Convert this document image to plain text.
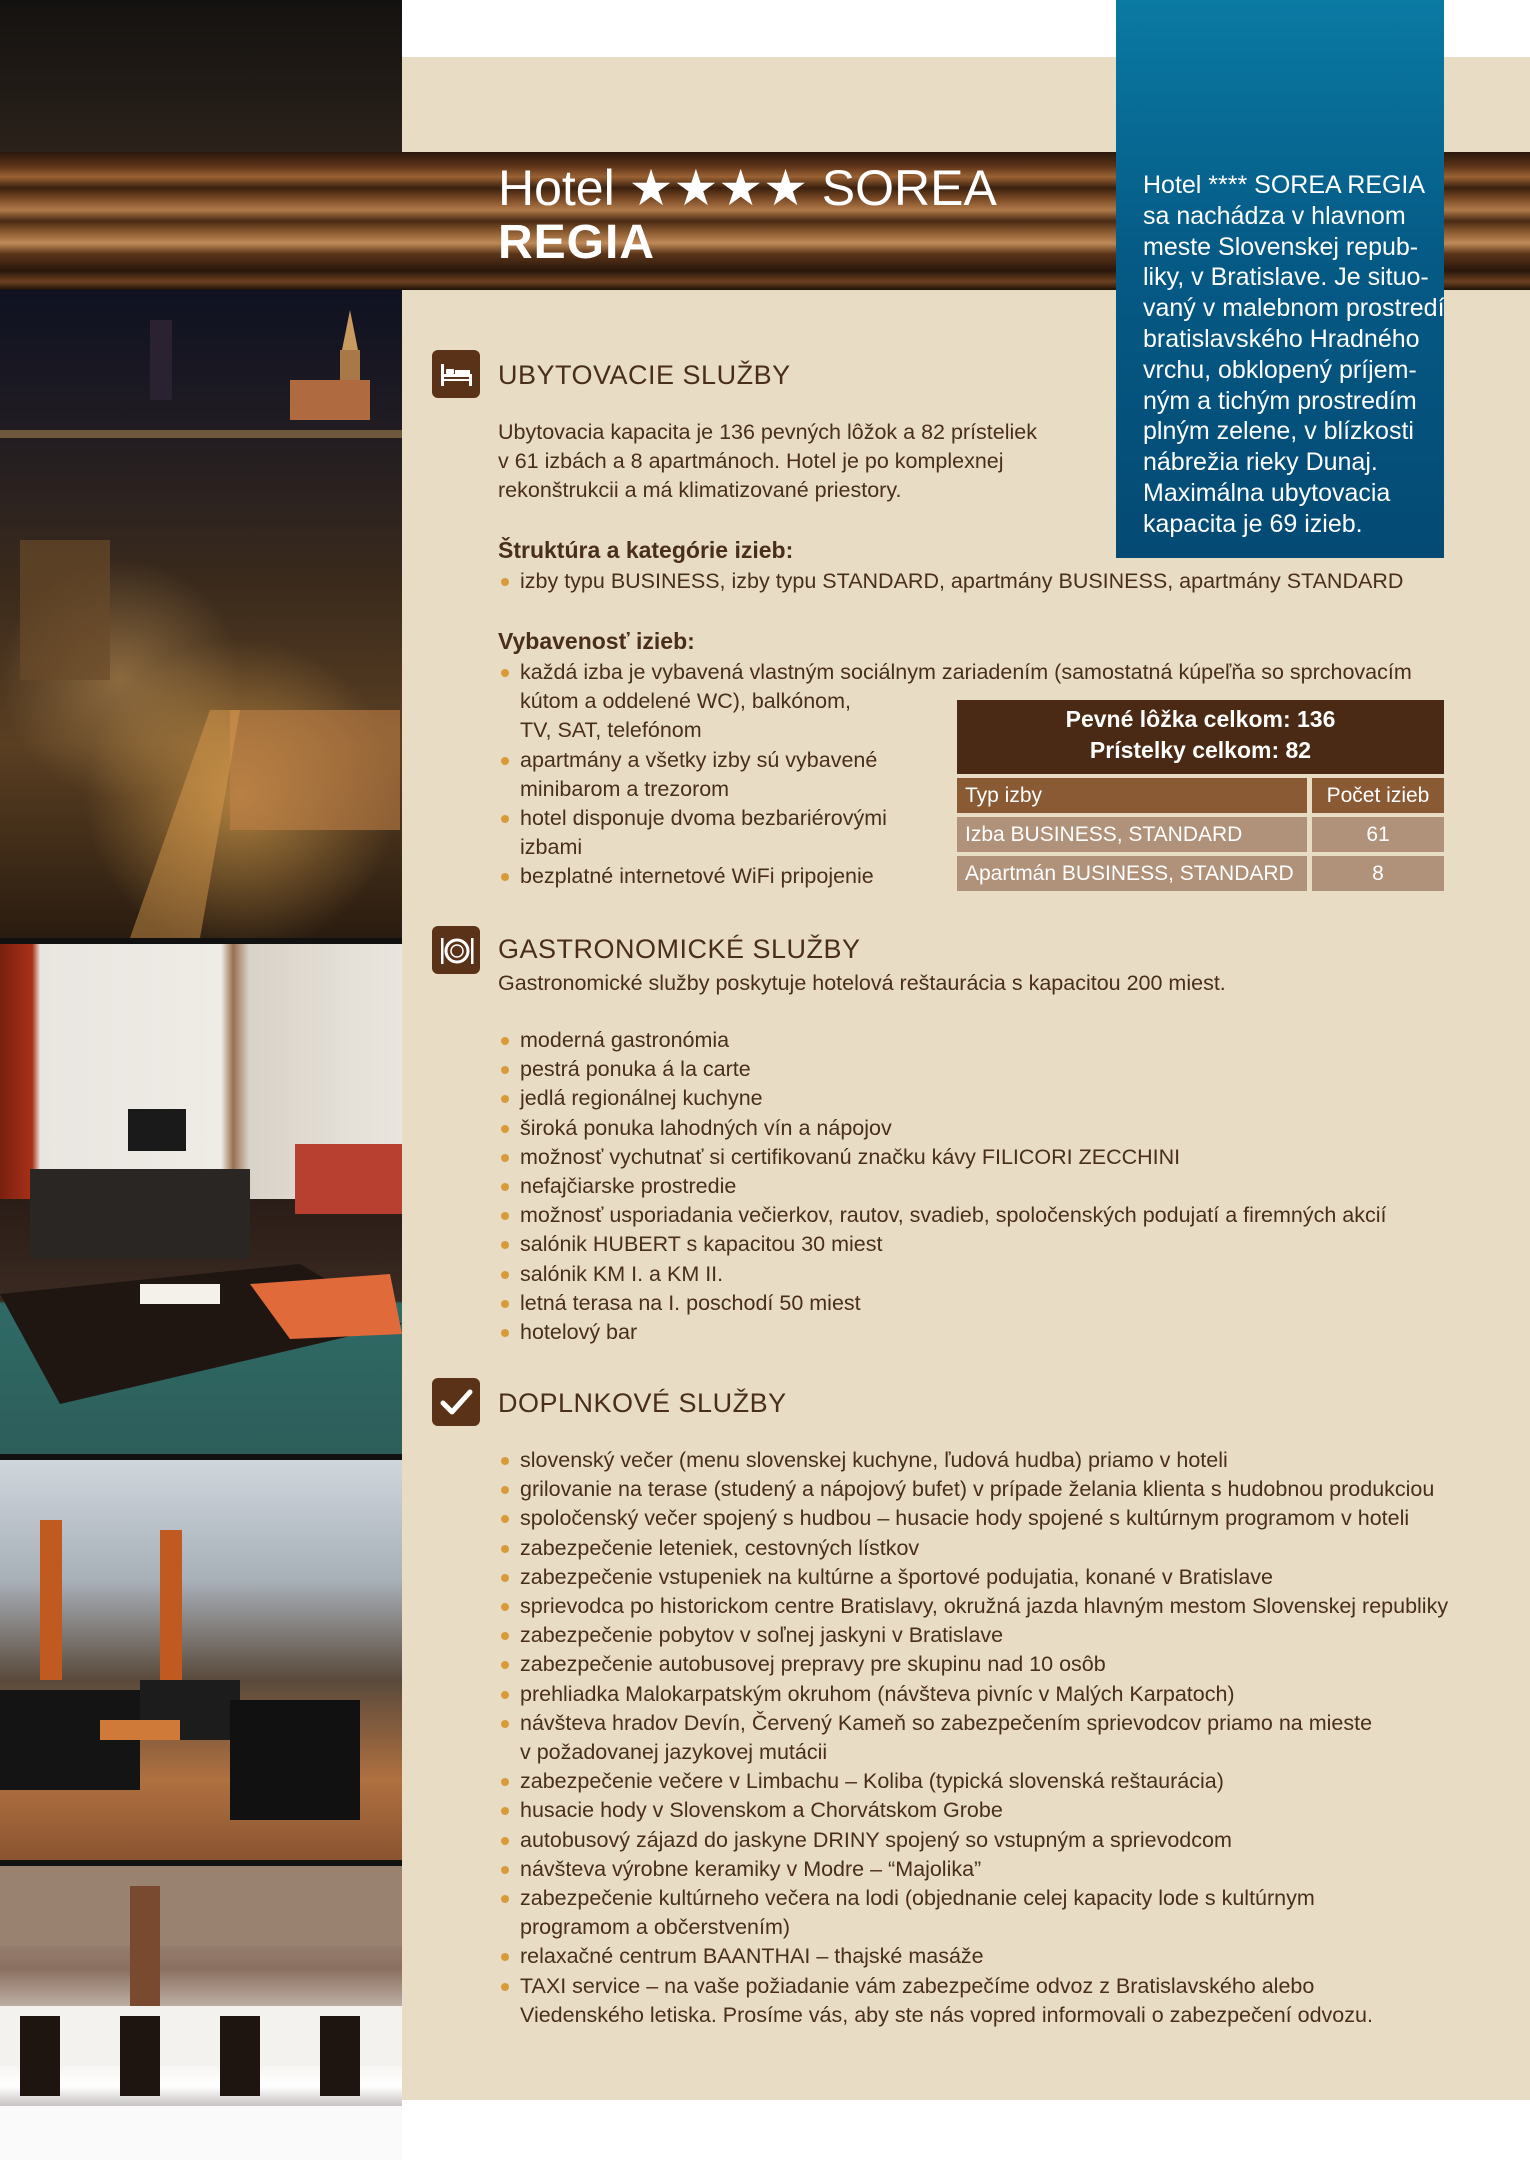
Hotel **** SOREA REGIA
sa nachádza v hlavnom
meste Slovenskej repub-
liky, v Bratislave. Je situo-
vaný v malebnom prostredí
bratislavského Hradného
vrchu, obklopený príjem-
ným a tichým prostredím
plným zelene, v blízkosti
nábrežia rieky Dunaj.
Maximálna ubytovacia
kapacita je 69 izieb.
Hotel ★★★★ SOREA
REGIA
UBYTOVACIE SLUŽBY
Ubytovacia kapacita je 136 pevných lôžok a 82 prísteliek
v 61 izbách a 8 apartmánoch. Hotel je po komplexnej
rekonštrukcii a má klimatizované priestory.
Štruktúra a kategórie izieb:
izby typu BUSINESS, izby typu STANDARD, apartmány BUSINESS, apartmány STANDARD
Vybavenosť izieb:
každá izba je vybavená vlastným sociálnym zariadením (samostatná kúpeľňa so sprchovacím
kútom a oddelené WC), balkónom,
TV, SAT, telefónom
apartmány a všetky izby sú vybavené
minibarom a trezorom
hotel disponuje dvoma bezbariérovými
izbami
bezplatné internetové WiFi pripojenie
Pevné lôžka celkom: 136
Prístelky celkom: 82
Typ izby	Počet izieb
Izba BUSINESS, STANDARD	61
Apartmán BUSINESS, STANDARD	8
GASTRONOMICKÉ SLUŽBY
Gastronomické služby poskytuje hotelová reštaurácia s kapacitou 200 miest.
moderná gastronómia
pestrá ponuka á la carte
jedlá regionálnej kuchyne
široká ponuka lahodných vín a nápojov
možnosť vychutnať si certifikovanú značku kávy FILICORI ZECCHINI
nefajčiarske prostredie
možnosť usporiadania večierkov, rautov, svadieb, spoločenských podujatí a firemných akcií
salónik HUBERT s kapacitou 30 miest
salónik KM I. a KM II.
letná terasa na I. poschodí 50 miest
hotelový bar
DOPLNKOVÉ SLUŽBY
slovenský večer (menu slovenskej kuchyne, ľudová hudba) priamo v hoteli
grilovanie na terase (studený a nápojový bufet) v prípade želania klienta s hudobnou produkciou
spoločenský večer spojený s hudbou – husacie hody spojené s kultúrnym programom v hoteli
zabezpečenie leteniek, cestovných lístkov
zabezpečenie vstupeniek na kultúrne a športové podujatia, konané v Bratislave
sprievodca po historickom centre Bratislavy, okružná jazda hlavným mestom Slovenskej republiky
zabezpečenie pobytov v soľnej jaskyni v Bratislave
zabezpečenie autobusovej prepravy pre skupinu nad 10 osôb
prehliadka Malokarpatským okruhom (návšteva pivníc v Malých Karpatoch)
návšteva hradov Devín, Červený Kameň so zabezpečením sprievodcov priamo na mieste
v požadovanej jazykovej mutácii
zabezpečenie večere v Limbachu – Koliba (typická slovenská reštaurácia)
husacie hody v Slovenskom a Chorvátskom Grobe
autobusový zájazd do jaskyne DRINY spojený so vstupným a sprievodcom
návšteva výrobne keramiky v Modre – “Majolika”
zabezpečenie kultúrneho večera na lodi (objednanie celej kapacity lode s kultúrnym
programom a občerstvením)
relaxačné centrum BAANTHAI – thajské masáže
TAXI service – na vaše požiadanie vám zabezpečíme odvoz z Bratislavského alebo
Viedenského letiska. Prosíme vás, aby ste nás vopred informovali o zabezpečení odvozu.
